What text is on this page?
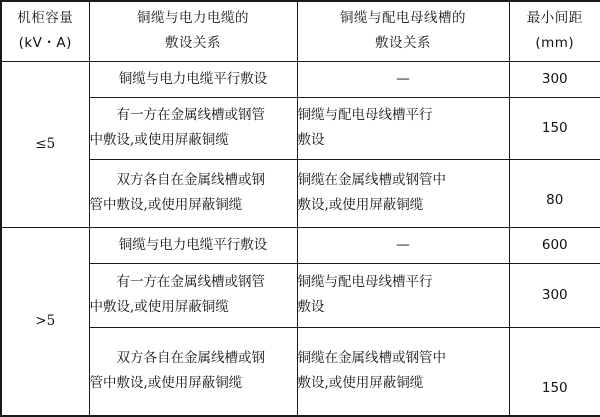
机柜容量
(kV・A)	铜缆与电力电缆的
敷设关系	铜缆与配电母线槽的
敷设关系	最小间距
(mm)

≤5	铜缆与电力电缆平行敷设	—	300

	有一方在金属线槽或钢管
中敷设,或使用屏蔽铜缆	铜缆与配电母线槽平行
敷设	150

	双方各自在金属线槽或钢
管中敷设,或使用屏蔽铜缆	铜缆在金属线槽或钢管中
敷设,或使用屏蔽铜缆	80
>5	铜缆与电力电缆平行敷设	—	600

	有一方在金属线槽或钢管
中敷设,或使用屏蔽铜缆	铜缆与配电母线槽平行
敷设	300

	双方各自在金属线槽或钢
管中敷设,或使用屏蔽铜缆	铜缆在金属线槽或钢管中
敷设,或使用屏蔽铜缆	150
